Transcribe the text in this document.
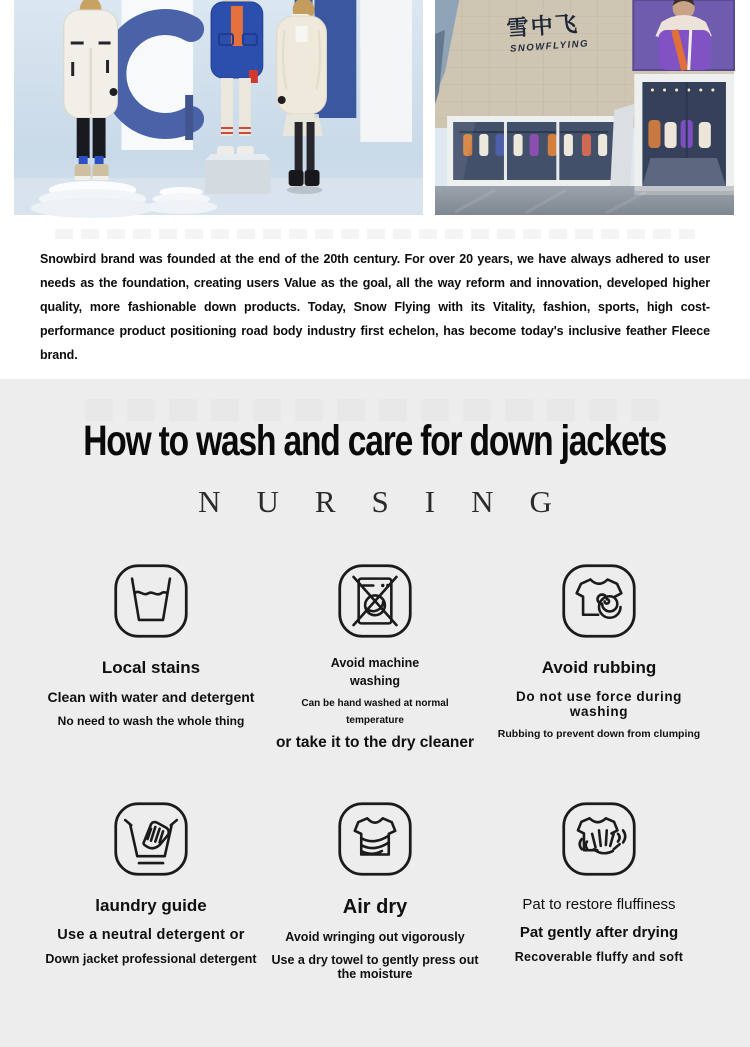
雪中飞
SNOWFLYING

Snowbird brand was founded at the end of the 20th century. For over 20 years, we have always adhered to user needs as the foundation, creating users Value as the goal, all the way reform and innovation, developed higher quality, more fashionable down products. Today, Snow Flying with its Vitality, fashion, sports, high cost-performance product positioning road body industry first echelon, has become today's inclusive feather Fleece brand.

How to wash and care for down jackets
NURSING
Local stains
Clean with water and detergent
No need to wash the whole thing
Avoid machine washing
Can be hand washed at normal temperature
or take it to the dry cleaner
Avoid rubbing
Do not use force during washing
Rubbing to prevent down from clumping
laundry guide
Use a neutral detergent or
Down jacket professional detergent
Air dry
Avoid wringing out vigorously
Use a dry towel to gently press out the moisture
Pat to restore fluffiness
Pat gently after drying
Recoverable fluffy and soft
